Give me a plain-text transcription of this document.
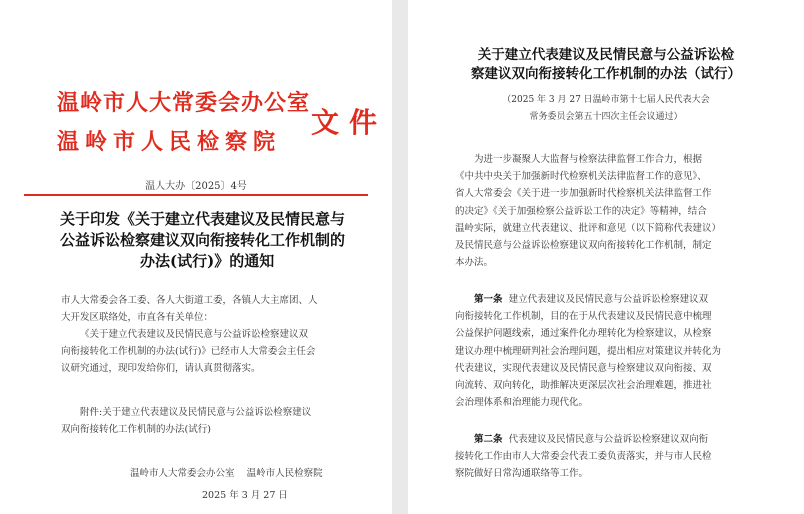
温岭市人大常委会办公室
温岭市人民检察院
文件
温人大办〔2025〕4号
关于印发《关于建立代表建议及民情民意与
公益诉讼检察建议双向衔接转化工作机制的
办法(试行)》的通知
市人大常委会各工委、各人大街道工委，各镇人大主席团、人
大开发区联络处，市直各有关单位：
《关于建立代表建议及民情民意与公益诉讼检察建议双
向衔接转化工作机制的办法(试行)》已经市人大常委会主任会
议研究通过，现印发给你们，请认真贯彻落实。
附件:关于建立代表建议及民情民意与公益诉讼检察建议
双向衔接转化工作机制的办法(试行)
温岭市人大常委会办公室    温岭市人民检察院
2025 年 3 月 27 日
关于建立代表建议及民情民意与公益诉讼检
察建议双向衔接转化工作机制的办法（试行）
（2025 年 3 月 27 日温岭市第十七届人民代表大会
常务委员会第五十四次主任会议通过）
为进一步凝聚人大监督与检察法律监督工作合力，根据
《中共中央关于加强新时代检察机关法律监督工作的意见》、
省人大常委会《关于进一步加强新时代检察机关法律监督工作
的决定》《关于加强检察公益诉讼工作的决定》等精神，结合
温岭实际，就建立代表建议、批评和意见（以下简称代表建议）
及民情民意与公益诉讼检察建议双向衔接转化工作机制，制定
本办法。
第一条 建立代表建议及民情民意与公益诉讼检察建议双
向衔接转化工作机制，目的在于从代表建议及民情民意中梳理
公益保护问题线索，通过案件化办理转化为检察建议，从检察
建议办理中梳理研判社会治理问题，提出相应对策建议并转化为
代表建议，实现代表建议及民情民意与检察建议双向衔接、双
向流转、双向转化，助推解决更深层次社会治理难题，推进社
会治理体系和治理能力现代化。
第二条 代表建议及民情民意与公益诉讼检察建议双向衔
接转化工作由市人大常委会代表工委负责落实，并与市人民检
察院做好日常沟通联络等工作。
